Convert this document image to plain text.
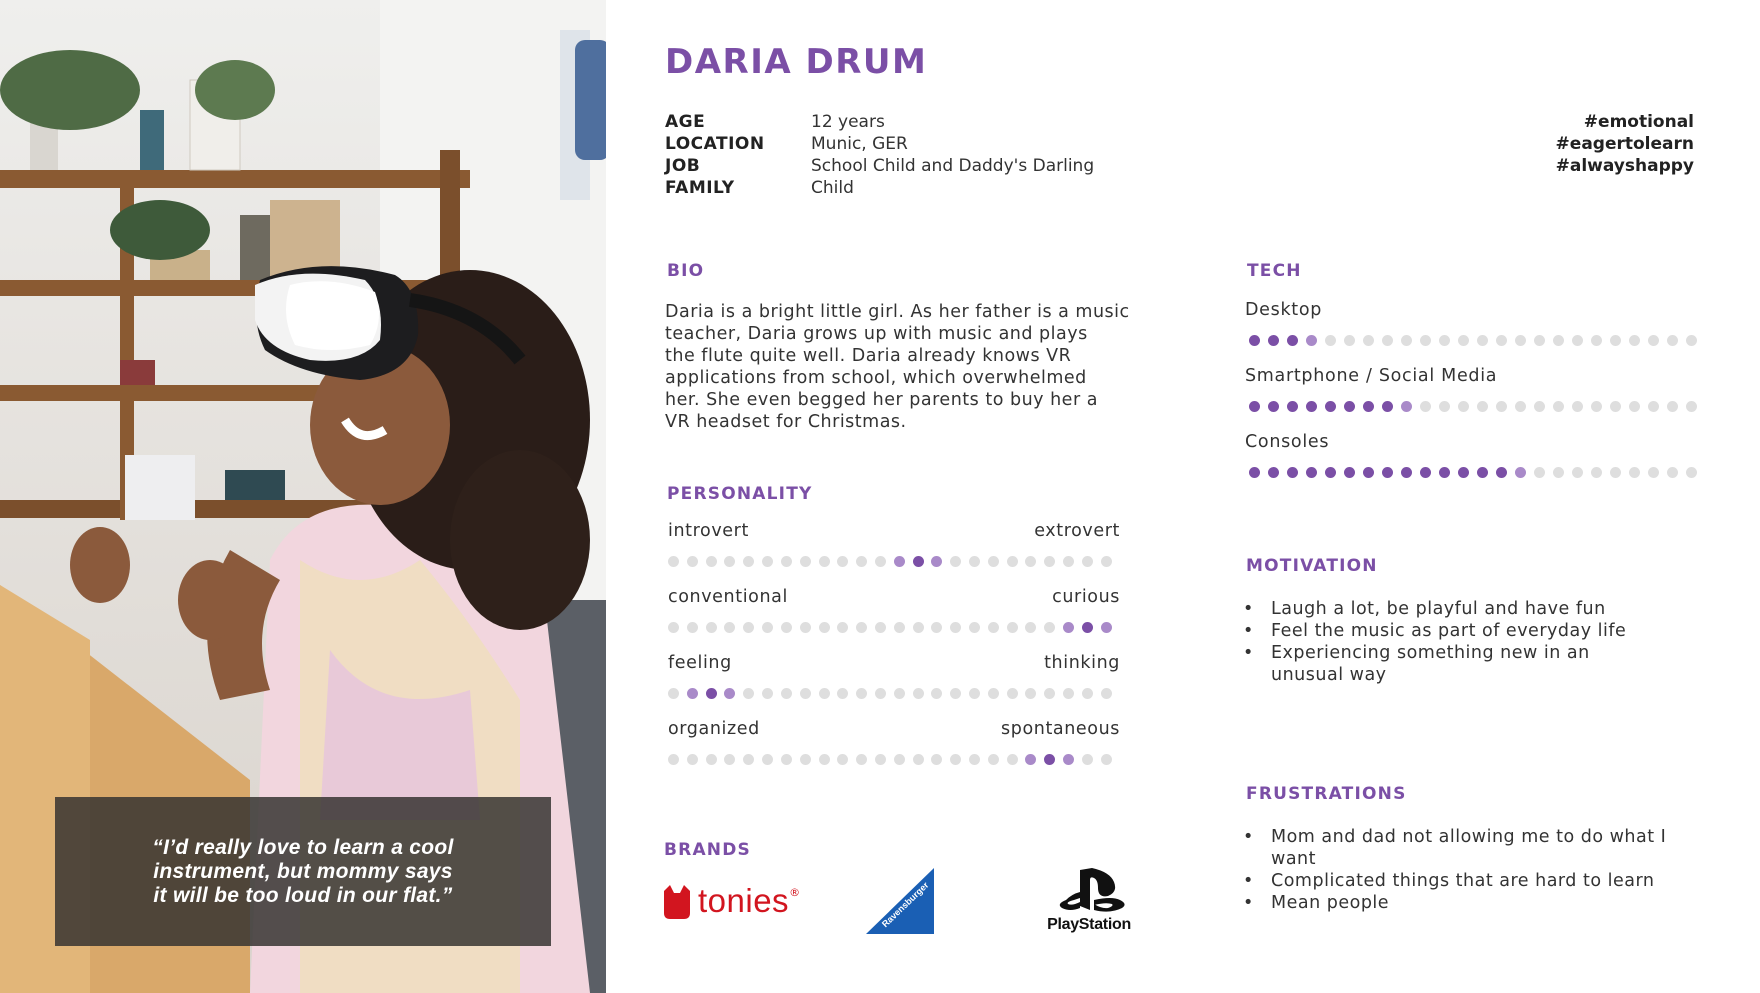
“I’d really love to learn a cool
instrument, but mommy says
it will be too loud in our flat.”
DARIA DRUM
AGE	12 years
LOCATION	Munic, GER
JOB	School Child and Daddy's Darling
FAMILY	Child
#emotional
#eagertolearn
#alwayshappy
BIO
Daria is a bright little girl. As her father is a music
teacher, Daria grows up with music and plays
the flute quite well. Daria already knows VR
applications from school, which overwhelmed
her. She even begged her parents to buy her a
VR headset for Christmas.
PERSONALITY
introvert	extrovert
conventional	curious
feeling	thinking
organized	spontaneous
BRANDS
tonies ®	Ravensburger	PlayStation
TECH
Desktop
Smartphone / Social Media
Consoles
MOTIVATION
• Laugh a lot, be playful and have fun
• Feel the music as part of everyday life
• Experiencing something new in an unusual way
FRUSTRATIONS
• Mom and dad not allowing me to do what I want
• Complicated things that are hard to learn
• Mean people
